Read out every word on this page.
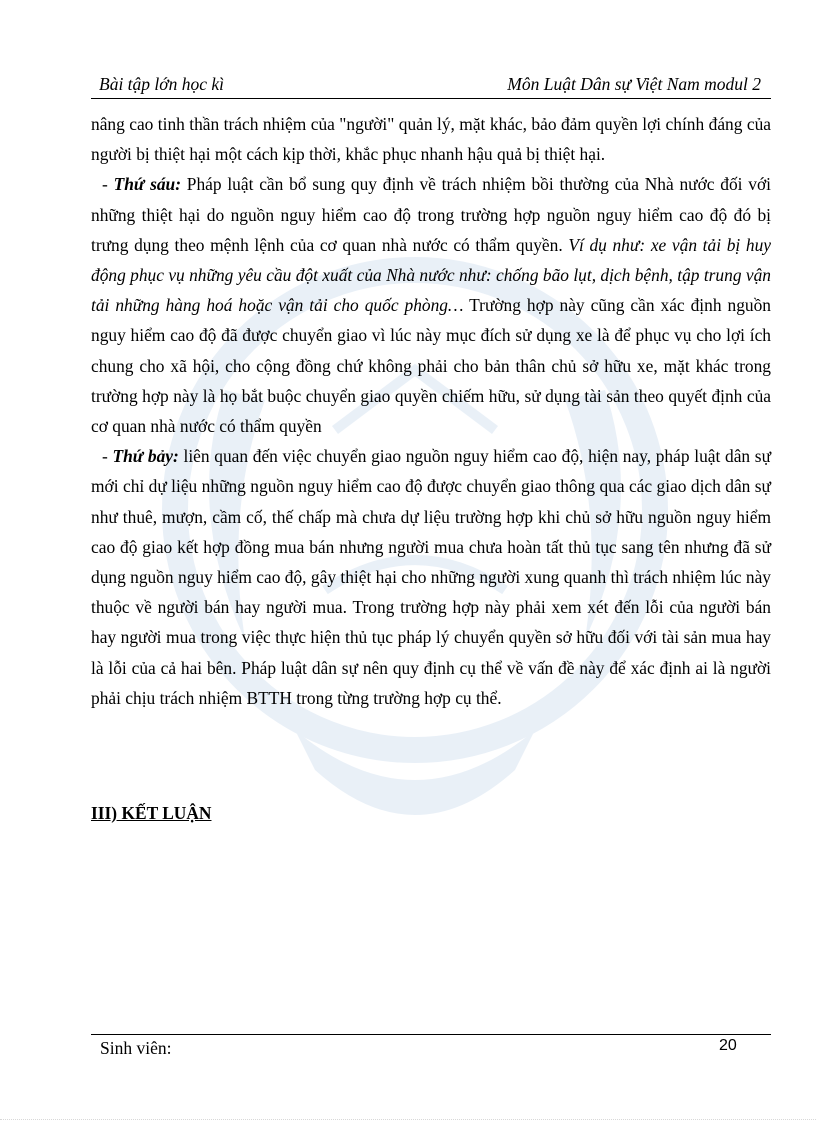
Bài tập lớn học kì	Môn Luật Dân sự Việt Nam modul 2

nâng cao tinh thần trách nhiệm của "người" quản lý, mặt khác, bảo đảm quyền lợi chính đáng của người bị thiệt hại một cách kịp thời, khắc phục nhanh hậu quả bị thiệt hại.

- Thứ sáu: Pháp luật cần bổ sung quy định về trách nhiệm bồi thường của Nhà nước đối với những thiệt hại do nguồn nguy hiểm cao độ trong trường hợp nguồn nguy hiểm cao độ đó bị trưng dụng theo mệnh lệnh của cơ quan nhà nước có thẩm quyền. Ví dụ như: xe vận tải bị huy động phục vụ những yêu cầu đột xuất của Nhà nước như: chống bão lụt, dịch bệnh, tập trung vận tải những hàng hoá hoặc vận tải cho quốc phòng… Trường hợp này cũng cần xác định nguồn nguy hiểm cao độ đã được chuyển giao vì lúc này mục đích sử dụng xe là để phục vụ cho lợi ích chung cho xã hội, cho cộng đồng chứ không phải cho bản thân chủ sở hữu xe, mặt khác trong trường hợp này là họ bắt buộc chuyển giao quyền chiếm hữu, sử dụng tài sản theo quyết định của cơ quan nhà nước có thẩm quyền

- Thứ bảy: liên quan đến việc chuyển giao nguồn nguy hiểm cao độ, hiện nay, pháp luật dân sự mới chỉ dự liệu những nguồn nguy hiểm cao độ được chuyển giao thông qua các giao dịch dân sự như thuê, mượn, cầm cố, thế chấp mà chưa dự liệu trường hợp khi chủ sở hữu nguồn nguy hiểm cao độ giao kết hợp đồng mua bán nhưng người mua chưa hoàn tất thủ tục sang tên nhưng đã sử dụng nguồn nguy hiểm cao độ, gây thiệt hại cho những người xung quanh thì trách nhiệm lúc này thuộc về người bán hay người mua. Trong trường hợp này phải xem xét đến lỗi của người bán hay người mua trong việc thực hiện thủ tục pháp lý chuyển quyền sở hữu đối với tài sản mua hay là lỗi của cả hai bên. Pháp luật dân sự nên quy định cụ thể về vấn đề này để xác định ai là người phải chịu trách nhiệm BTTH trong từng trường hợp cụ thể.

III) KẾT LUẬN
Sinh viên:	20
